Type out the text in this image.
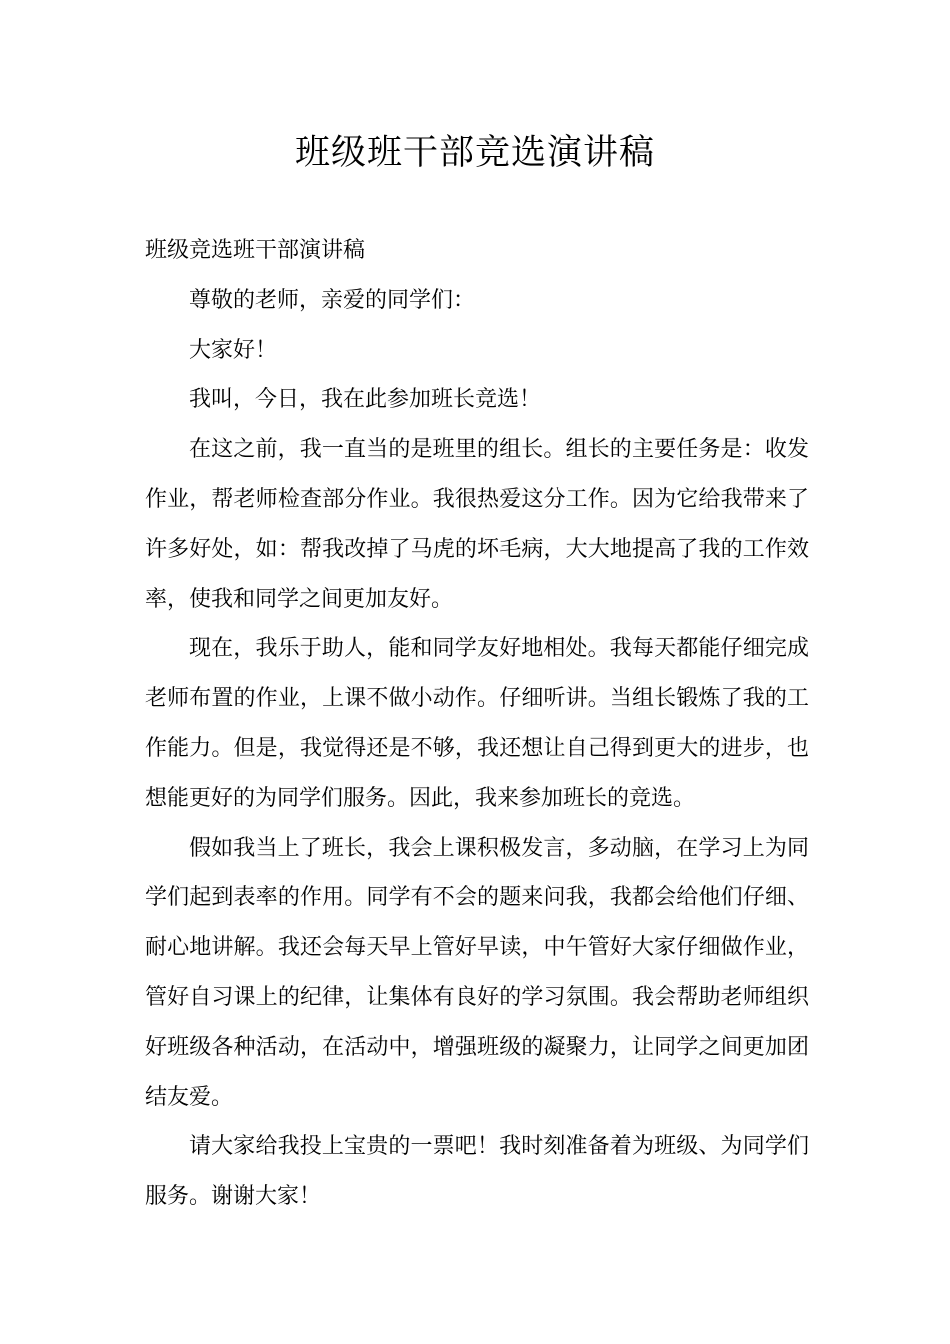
班级班干部竞选演讲稿

班级竞选班干部演讲稿

尊敬的老师，亲爱的同学们：

大家好！

我叫，今日，我在此参加班长竞选！

在这之前，我一直当的是班里的组长。组长的主要任务是：收发作业，帮老师检查部分作业。我很热爱这分工作。因为它给我带来了许多好处，如：帮我改掉了马虎的坏毛病，大大地提高了我的工作效率，使我和同学之间更加友好。

现在，我乐于助人，能和同学友好地相处。我每天都能仔细完成老师布置的作业，上课不做小动作。仔细听讲。当组长锻炼了我的工作能力。但是，我觉得还是不够，我还想让自己得到更大的进步，也想能更好的为同学们服务。因此，我来参加班长的竞选。

假如我当上了班长，我会上课积极发言，多动脑，在学习上为同学们起到表率的作用。同学有不会的题来问我，我都会给他们仔细、耐心地讲解。我还会每天早上管好早读，中午管好大家仔细做作业，管好自习课上的纪律，让集体有良好的学习氛围。我会帮助老师组织好班级各种活动，在活动中，增强班级的凝聚力，让同学之间更加团结友爱。

请大家给我投上宝贵的一票吧！我时刻准备着为班级、为同学们服务。谢谢大家！
